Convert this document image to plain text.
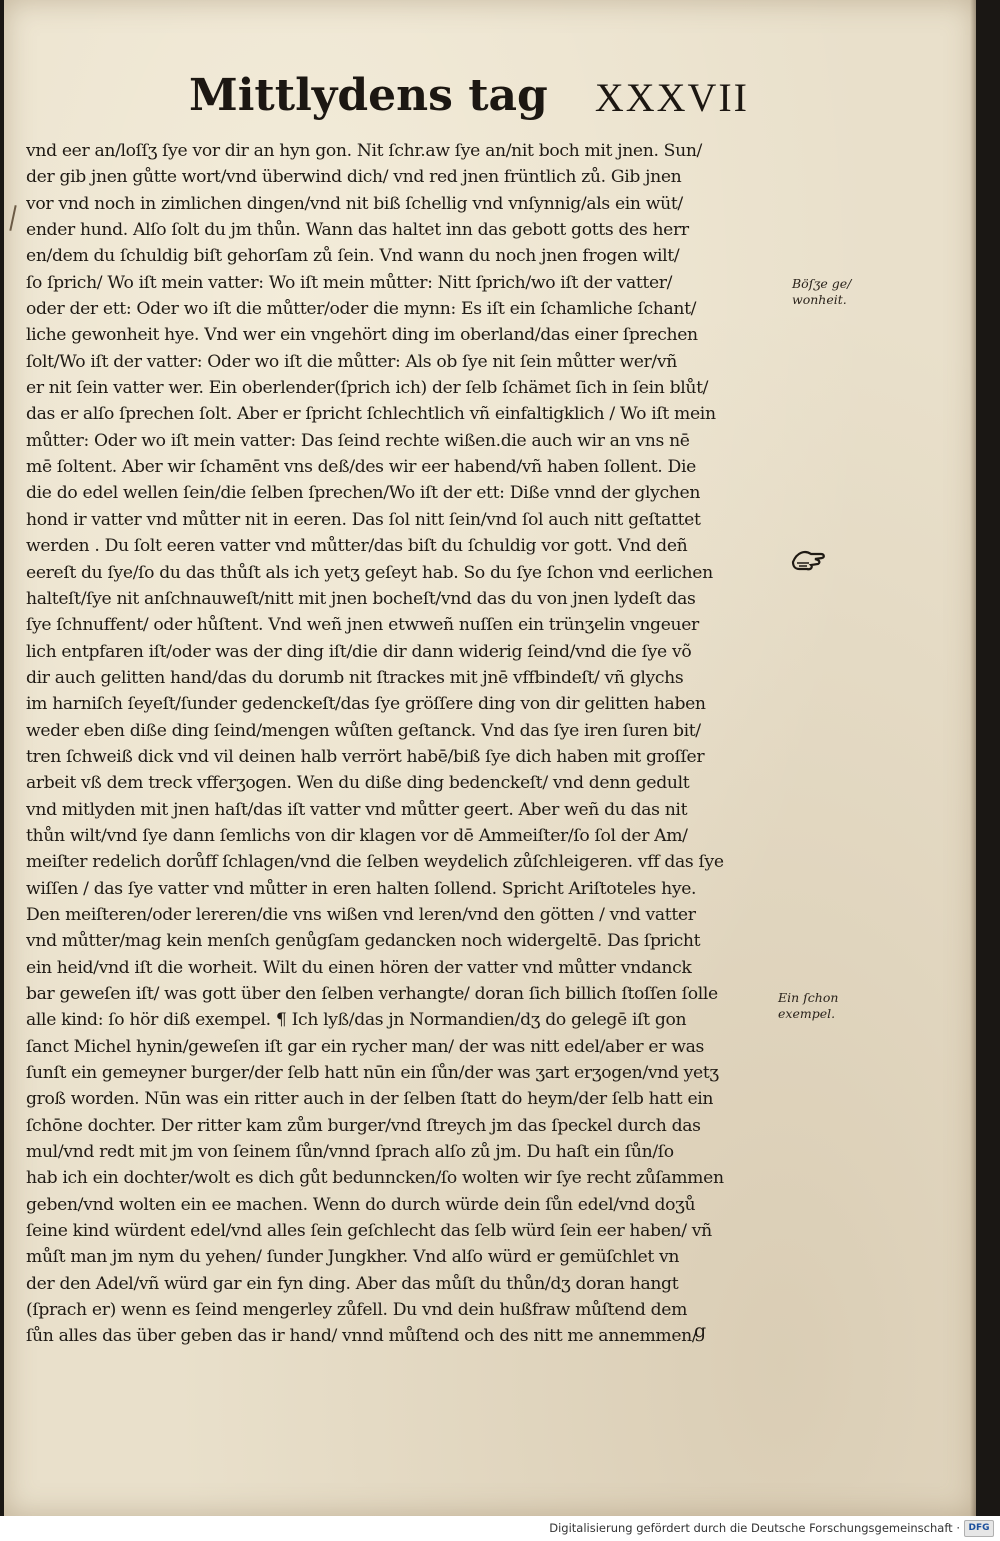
Mittlydens tag XXXVII
vnd eer an/loſſʒ ſye vor dir an hyn gon. Nit ſchr.aw ſye an/nit boch mit jnen. Sun/
der gib jnen gůtte wort/vnd überwind dich/ vnd red jnen früntlich zů. Gib jnen
vor vnd noch in zimlichen dingen/vnd nit biß ſchellig vnd vnſynnig/als ein wüt/
ender hund. Alſo ſolt du jm thůn. Wann das haltet inn das gebott gotts des herr
en/dem du ſchuldig biſt gehorſam zů ſein. Vnd wann du noch jnen frogen wilt/
ſo ſprich/ Wo iſt mein vatter: Wo iſt mein můtter: Nitt ſprich/wo iſt der vatter/
oder der ett: Oder wo iſt die můtter/oder die mynn: Es iſt ein ſchamliche ſchant/
liche gewonheit hye. Vnd wer ein vngehört ding im oberland/das einer ſprechen
ſolt/Wo iſt der vatter: Oder wo iſt die můtter: Als ob ſye nit ſein můtter wer/vñ
er nit ſein vatter wer. Ein oberlender(ſprich ich) der ſelb ſchämet ſich in ſein blůt/
das er alſo ſprechen ſolt. Aber er ſpricht ſchlechtlich vñ einfaltigklich / Wo iſt mein
můtter: Oder wo iſt mein vatter: Das ſeind rechte wißen.die auch wir an vns nē
mē ſoltent. Aber wir ſchamēnt vns deß/des wir eer habend/vñ haben ſollent. Die
die do edel wellen ſein/die ſelben ſprechen/Wo iſt der ett: Diße vnnd der glychen
hond ir vatter vnd můtter nit in eeren. Das ſol nitt ſein/vnd ſol auch nitt geſtattet
werden . Du ſolt eeren vatter vnd můtter/das biſt du ſchuldig vor gott. Vnd deñ
eereſt du ſye/ſo du das thůſt als ich yetʒ geſeyt hab. So du ſye ſchon vnd eerlichen
halteſt/ſye nit anſchnauweſt/nitt mit jnen bocheſt/vnd das du von jnen lydeſt das
ſye ſchnuffent/ oder hůſtent. Vnd weñ jnen etwweñ nuſſen ein trünʒelin vngeuer
lich entpfaren iſt/oder was der ding iſt/die dir dann widerig ſeind/vnd die ſye võ
dir auch gelitten hand/das du dorumb nit ſtrackes mit jnē vffbindeſt/ vñ glychs
im harniſch ſeyeſt/ſunder gedenckeſt/das ſye gröſſere ding von dir gelitten haben
weder eben diße ding ſeind/mengen wůſten geſtanck. Vnd das ſye iren ſuren bit/
tren ſchweiß dick vnd vil deinen halb verrört habē/biß ſye dich haben mit groſſer
arbeit vß dem treck vfferʒogen. Wen du diße ding bedenckeſt/ vnd denn gedult
vnd mitlyden mit jnen haſt/das iſt vatter vnd můtter geert. Aber weñ du das nit
thůn wilt/vnd ſye dann ſemlichs von dir klagen vor dē Ammeiſter/ſo ſol der Am/
meiſter redelich dorůff ſchlagen/vnd die ſelben weydelich zůſchleigeren. vff das ſye
wiſſen / das ſye vatter vnd můtter in eren halten ſollend. Spricht Ariſtoteles hye.
Den meiſteren/oder lereren/die vns wißen vnd leren/vnd den götten / vnd vatter
vnd můtter/mag kein menſch genůgſam gedancken noch widergeltē. Das ſpricht
ein heid/vnd iſt die worheit. Wilt du einen hören der vatter vnd můtter vndanck
bar geweſen iſt/ was gott über den ſelben verhangte/ doran ſich billich ſtoſſen ſolle
alle kind: ſo hör diß exempel. ¶ Ich lyß/das jn Normandien/dʒ do gelegē iſt gon
ſanct Michel hynin/geweſen iſt gar ein rycher man/ der was nitt edel/aber er was
ſunſt ein gemeyner burger/der ſelb hatt nūn ein ſůn/der was ʒart erʒogen/vnd yetʒ
groß worden. Nūn was ein ritter auch in der ſelben ſtatt do heym/der ſelb hatt ein
ſchōne dochter. Der ritter kam zům burger/vnd ſtreych jm das ſpeckel durch das
mul/vnd redt mit jm von ſeinem ſůn/vnnd ſprach alſo zů jm. Du haſt ein ſůn/ſo
hab ich ein dochter/wolt es dich gůt bedunncken/ſo wolten wir ſye recht zůſammen
geben/vnd wolten ein ee machen. Wenn do durch würde dein ſůn edel/vnd doʒů
ſeine kind würdent edel/vnd alles ſein geſchlecht das ſelb würd ſein eer haben/ vñ
můſt man jm nym du yehen/ ſunder Jungkher. Vnd alſo würd er gemüſchlet vn
der den Adel/vñ würd gar ein fyn ding. Aber das můſt du thůn/dʒ doran hangt
(ſprach er) wenn es ſeind mengerley zůfell. Du vnd dein hußfraw můſtend dem
ſůn alles das über geben das ir hand/ vnnd můſtend och des nitt me annemmen/
Böſʒe ge/
wonheit.
Ein ſchon
exempel.
g
Digitalisierung gefördert durch die Deutsche Forschungsgemeinschaft · DFG
